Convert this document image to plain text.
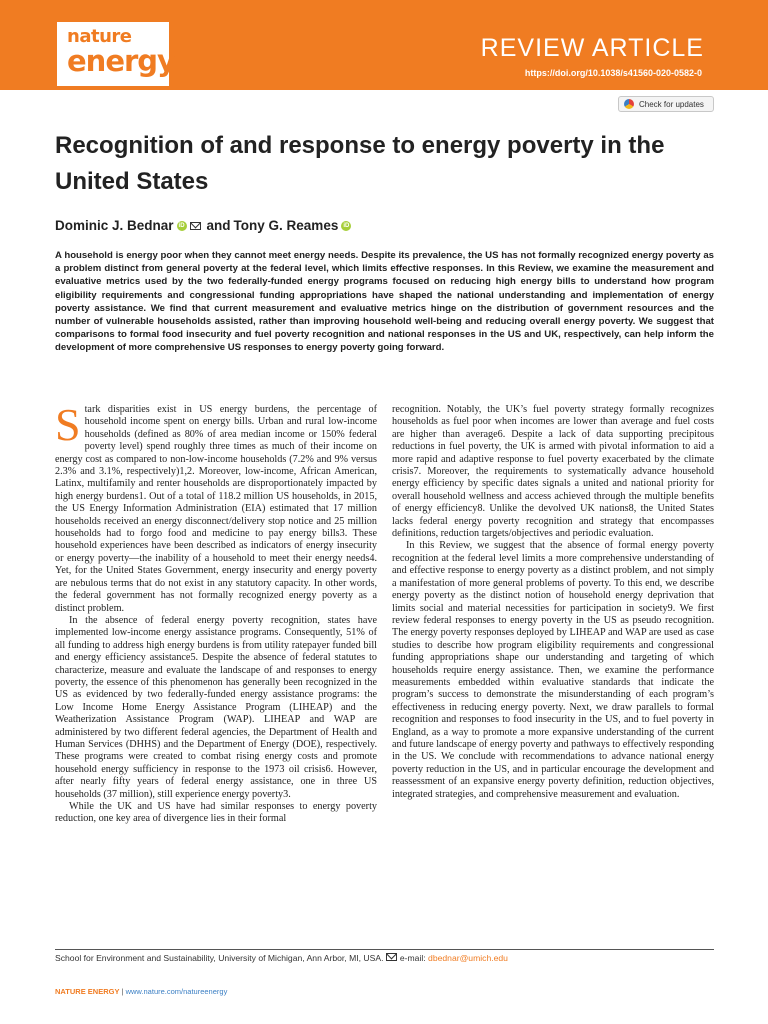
nature
energy	REVIEW ARTICLE
https://doi.org/10.1038/s41560-020-0582-0
Check for updates
Recognition of and response to energy poverty in the United States
Dominic J. Bednar iD and Tony G. Reames iD

A household is energy poor when they cannot meet energy needs. Despite its prevalence, the US has not formally recognized energy poverty as a problem distinct from general poverty at the federal level, which limits effective responses. In this Review, we examine the measurement and evaluative metrics used by the two federally-funded energy programs focused on reducing high energy bills to understand how program eligibility requirements and congressional funding appropriations have shaped the national understanding and implementation of energy poverty assistance. We find that current measurement and evaluative metrics hinge on the distribution of government resources and the number of vulnerable households assisted, rather than improving household well-being and reducing overall energy poverty. We suggest that comparisons to formal food insecurity and fuel poverty recognition and national responses in the US and UK, respectively, can help inform the development of more comprehensive US responses to energy poverty going forward.

S tark disparities exist in US energy burdens, the percentage of household income spent on energy bills. Urban and rural low-income households (defined as 80% of area median income or 150% federal poverty level) spend roughly three times as much of their income on energy cost as compared to non-low-income households (7.2% and 9% versus 2.3% and 3.1%, respectively)1,2. Moreover, low-income, African American, Latinx, multifamily and renter households are disproportionately impacted by high energy burdens1. Out of a total of 118.2 million US households, in 2015, the US Energy Information Administration (EIA) estimated that 17 million households received an energy disconnect/delivery stop notice and 25 million households had to forgo food and medicine to pay energy bills3. These household experiences have been described as indicators of energy insecurity or energy poverty—the inability of a household to meet their energy needs4. Yet, for the United States Government, energy insecurity and energy poverty are nebulous terms that do not exist in any statutory capacity. In other words, the federal government has not formally recognized energy poverty as a distinct problem.

In the absence of federal energy poverty recognition, states have implemented low-income energy assistance programs. Consequently, 51% of all funding to address high energy burdens is from utility ratepayer funded bill and energy efficiency assistance5. Despite the absence of federal statutes to characterize, measure and evaluate the landscape of and responses to energy poverty, the essence of this phenomenon has generally been recognized in the US as evidenced by two federally-funded energy assistance programs: the Low Income Home Energy Assistance Program (LIHEAP) and the Weatherization Assistance Program (WAP). LIHEAP and WAP are administered by two different federal agencies, the Department of Health and Human Services (DHHS) and the Department of Energy (DOE), respectively. These programs were created to combat rising energy costs and promote household energy sufficiency in response to the 1973 oil crisis6. However, after nearly fifty years of federal energy assistance, one in three US households (37 million), still experience energy poverty3.

While the UK and US have had similar responses to energy poverty reduction, one key area of divergence lies in their formal

recognition. Notably, the UK’s fuel poverty strategy formally recognizes households as fuel poor when incomes are lower than average and fuel costs are higher than average6. Despite a lack of data supporting precipitous reductions in fuel poverty, the UK is armed with pivotal information to aid a more rapid and adaptive response to fuel poverty exacerbated by the climate crisis7. Moreover, the requirements to systematically advance household energy efficiency by specific dates signals a united and national priority for overall household wellness and access achieved through the multiple benefits of energy efficiency8. Unlike the devolved UK nations8, the United States lacks federal energy poverty recognition and strategy that encompasses definitions, reduction targets/objectives and periodic evaluation.

In this Review, we suggest that the absence of formal energy poverty recognition at the federal level limits a more comprehensive understanding of and effective response to energy poverty as a distinct problem, and not simply a manifestation of more general problems of poverty. To this end, we describe energy poverty as the distinct notion of household energy deprivation that limits social and material necessities for participation in society9. We first review federal responses to energy poverty in the US as pseudo recognition. The energy poverty responses deployed by LIHEAP and WAP are used as case studies to describe how program eligibility requirements and congressional funding appropriations shape our understanding and targeting of which households require energy assistance. Then, we examine the performance measurements embedded within evaluative standards that indicate the program’s success to demonstrate the misunderstanding of each program’s effectiveness in reducing energy poverty. Next, we draw parallels to formal recognition and responses to food insecurity in the US, and to fuel poverty in England, as a way to promote a more expansive understanding of the current and future landscape of energy poverty and pathways to effectively responding in the US. We conclude with recommendations to advance national energy poverty reduction in the US, and in particular encourage the development and reassessment of an expansive energy poverty definition, reduction objectives, integrated strategies, and comprehensive measurement and evaluation.

School for Environment and Sustainability, University of Michigan, Ann Arbor, MI, USA. e-mail: dbednar@umich.edu
NATURE ENERGY | www.nature.com/natureenergy
